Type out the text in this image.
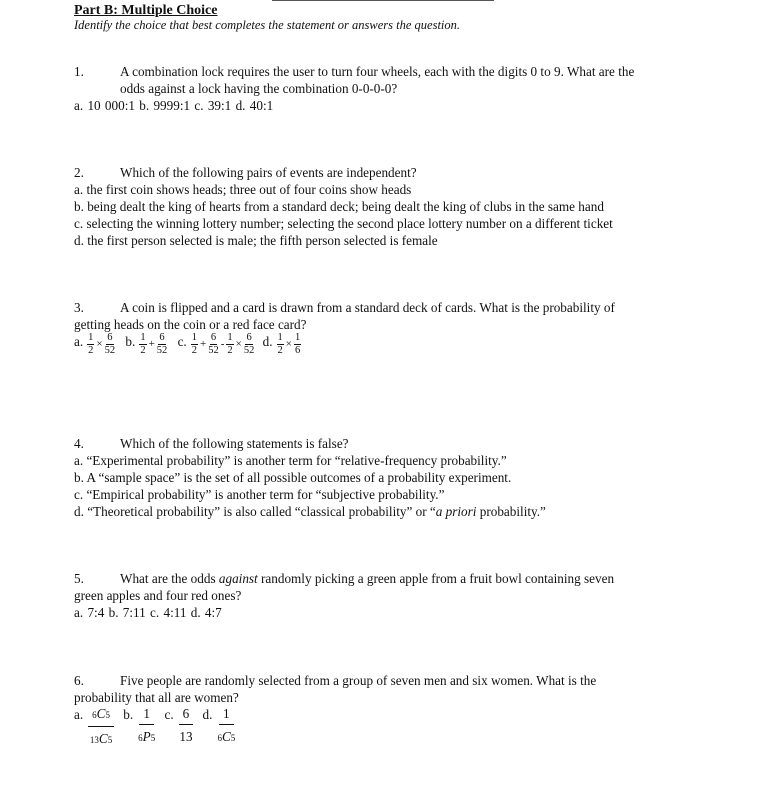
Part B: Multiple Choice
Identify the choice that best completes the statement or answers the question.
1.	A combination lock requires the user to turn four wheels, each with the digits 0 to 9. What are the
odds against a lock having the combination 0-0-0-0?
a. 10 000:1 b. 9999:1 c. 39:1 d. 40:1
2.	Which of the following pairs of events are independent?
a. the first coin shows heads; three out of four coins show heads
b. being dealt the king of hearts from a standard deck; being dealt the king of clubs in the same hand
c. selecting the winning lottery number; selecting the second place lottery number on a different ticket
d. the first person selected is male; the fifth person selected is female
3.	A coin is flipped and a card is drawn from a standard deck of cards. What is the probability of
getting heads on the coin or a red face card?
a. $\frac{1}{2} \times \frac{6}{52} b$. $\frac{1}{2} + \frac{6}{52} c$. $\frac{1}{2} + \frac{6}{52} - \frac{1}{2} \times \frac{6}{52} d$. $\frac{1}{2} \times \frac{1}{6}$
4.	Which of the following statements is false?
a. “Experimental probability” is another term for “relative-frequency probability.”
b. A “sample space” is the set of all possible outcomes of a probability experiment.
c. “Empirical probability” is another term for “subjective probability.”
d. “Theoretical probability” is also called “classical probability” or “a priori probability.”
5.	What are the odds against randomly picking a green apple from a fruit bowl containing seven
green apples and four red ones?
a. 7:4 b. 7:11 c. 4:11 d. 4:7
6.	Five people are randomly selected from a group of seven men and six women. What is the
probability that all are women?
a. $\frac{6C5}{13C5} b$. $\frac{1}{6P5} c$. $\frac{6}{13} d$. $\frac{1}{6C5}$
